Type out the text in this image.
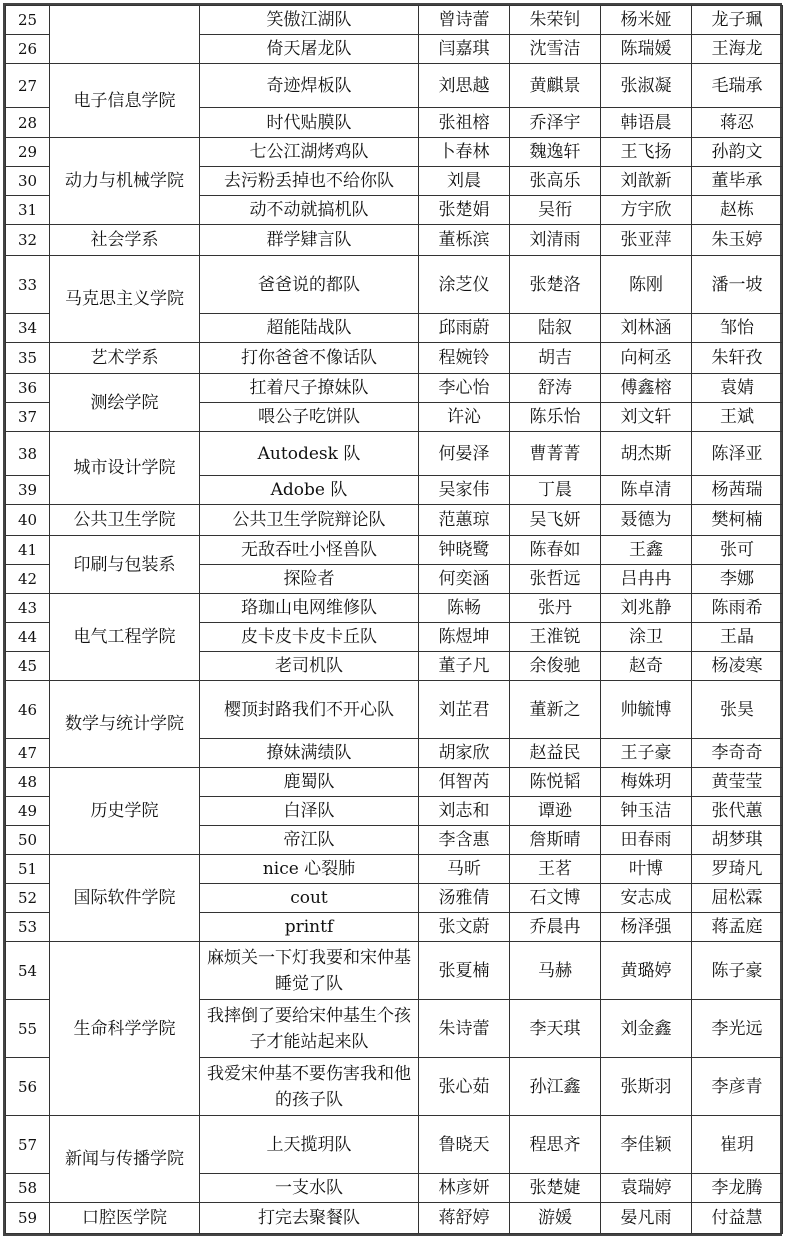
25		笑傲江湖队	曾诗蕾	朱荣钊	杨米娅	龙子珮
26		倚天屠龙队	闫嘉琪	沈雪洁	陈瑞媛	王海龙
27	电子信息学院	奇迹焊板队	刘思越	黄麒景	张淑凝	毛瑞承
28		时代贴膜队	张祖榕	乔泽宇	韩语晨	蒋忍
29	动力与机械学院	七公江湖烤鸡队	卜春林	魏逸轩	王飞扬	孙韵文
30		去污粉丢掉也不给你队	刘晨	张高乐	刘歆新	董毕承
31		动不动就搞机队	张楚娟	吴衎	方宇欣	赵栋
32	社会学系	群学肄言队	董栎滨	刘清雨	张亚萍	朱玉婷
33	马克思主义学院	爸爸说的都队	涂芝仪	张楚洛	陈刚	潘一坡
34		超能陆战队	邱雨蔚	陆叙	刘林涵	邹怡
35	艺术学系	打你爸爸不像话队	程婉铃	胡吉	向柯丞	朱轩孜
36	测绘学院	扛着尺子撩妹队	李心怡	舒涛	傅鑫榕	袁婧
37		喂公子吃饼队	许沁	陈乐怡	刘文轩	王斌
38	城市设计学院	Autodesk 队	何晏泽	曹菁菁	胡杰斯	陈泽亚
39		Adobe 队	吴家伟	丁晨	陈卓清	杨茜瑞
40	公共卫生学院	公共卫生学院辩论队	范蕙琼	吴飞妍	聂德为	樊柯楠
41	印刷与包装系	无敌吞吐小怪兽队	钟晓鹭	陈春如	王鑫	张可
42		探险者	何奕涵	张哲远	吕冉冉	李娜
43	电气工程学院	珞珈山电网维修队	陈畅	张丹	刘兆静	陈雨希
44		皮卡皮卡皮卡丘队	陈煜坤	王淮锐	涂卫	王晶
45		老司机队	董子凡	余俊驰	赵奇	杨凌寒
46	数学与统计学院	樱顶封路我们不开心队	刘芷君	董新之	帅毓博	张昊
47		撩妹满绩队	胡家欣	赵益民	王子豪	李奇奇
48	历史学院	鹿蜀队	佴智芮	陈悦韬	梅姝玥	黄莹莹
49		白泽队	刘志和	谭逊	钟玉洁	张代蕙
50		帝江队	李含惠	詹斯晴	田春雨	胡梦琪
51	国际软件学院	nice 心裂肺	马昕	王茗	叶博	罗琦凡
52		cout	汤雅倩	石文博	安志成	屈松霖
53		printf	张文蔚	乔晨冉	杨泽强	蒋孟庭
54	生命科学学院	麻烦关一下灯我要和宋仲基睡觉了队	张夏楠	马赫	黄璐婷	陈子豪
55		我摔倒了要给宋仲基生个孩子才能站起来队	朱诗蕾	李天琪	刘金鑫	李光远
56		我爱宋仲基不要伤害我和他的孩子队	张心茹	孙江鑫	张斯羽	李彦青
57	新闻与传播学院	上天揽玥队	鲁晓天	程思齐	李佳颖	崔玥
58		一支水队	林彦妍	张楚婕	袁瑞婷	李龙腾
59	口腔医学院	打完去聚餐队	蒋舒婷	游媛	晏凡雨	付益慧
